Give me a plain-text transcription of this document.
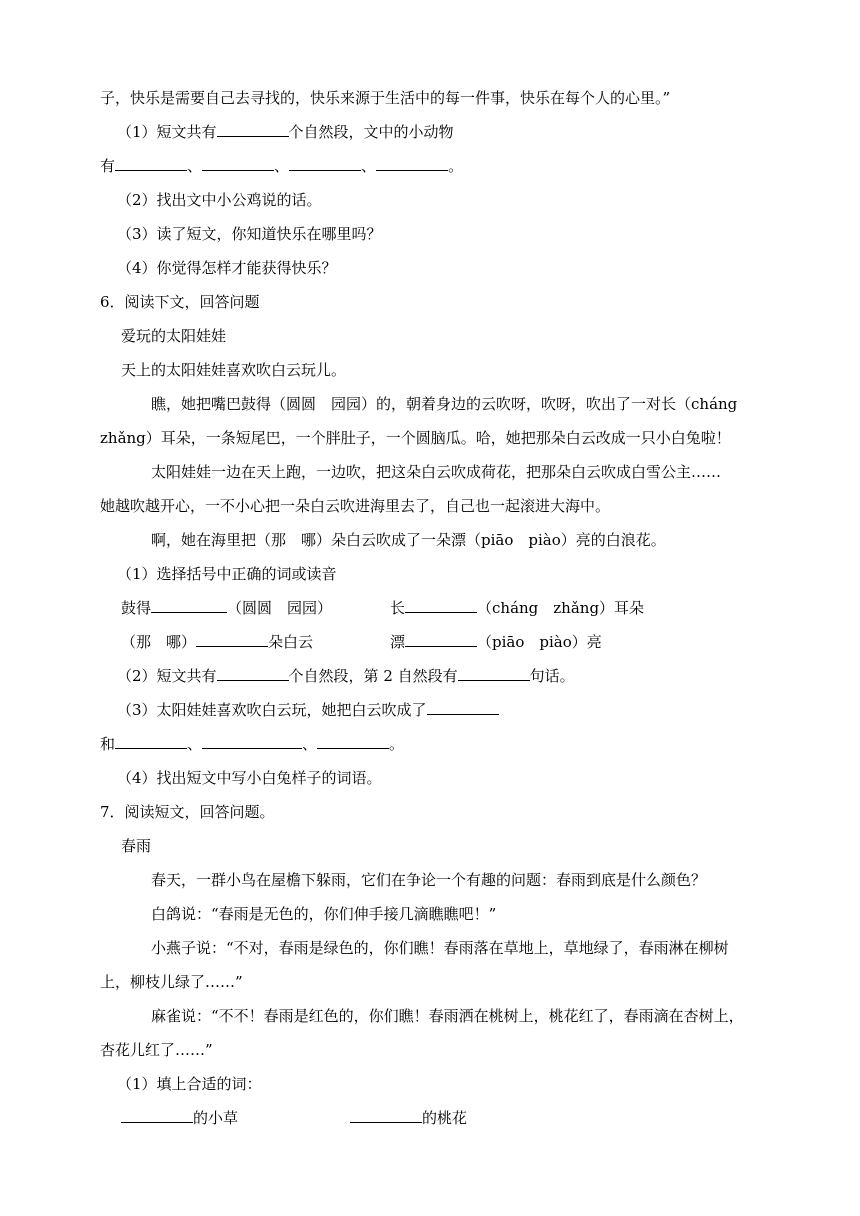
子，快乐是需要自己去寻找的，快乐来源于生活中的每一件事，快乐在每个人的心里。”
（1）短文共有	个自然段，文中的小动物
有	、	、	、	。
（2）找出文中小公鸡说的话。
（3）读了短文，你知道快乐在哪里吗？
（4）你觉得怎样才能获得快乐？
6．阅读下文，回答问题
爱玩的太阳娃娃
天上的太阳娃娃喜欢吹白云玩儿。
瞧，她把嘴巴鼓得（圆圆　园园）的，朝着身边的云吹呀，吹呀，吹出了一对长（cháng
zhǎng）耳朵，一条短尾巴，一个胖肚子，一个圆脑瓜。哈，她把那朵白云改成一只小白兔啦！
太阳娃娃一边在天上跑，一边吹，把这朵白云吹成荷花，把那朵白云吹成白雪公主……
她越吹越开心，一不小心把一朵白云吹进海里去了，自己也一起滚进大海中。
啊，她在海里把（那　哪）朵白云吹成了一朵漂（piāo　piào）亮的白浪花。
（1）选择括号中正确的词或读音
鼓得	（圆圆　园园）	长	（cháng　zhǎng）耳朵
（那　哪）	朵白云	漂	（piāo　piào）亮
（2）短文共有	个自然段，第 2 自然段有	句话。
（3）太阳娃娃喜欢吹白云玩，她把白云吹成了
和	、	、	。
（4）找出短文中写小白兔样子的词语。
7．阅读短文，回答问题。
春雨
春天，一群小鸟在屋檐下躲雨，它们在争论一个有趣的问题：春雨到底是什么颜色？
白鸽说：“春雨是无色的，你们伸手接几滴瞧瞧吧！”
小燕子说：“不对，春雨是绿色的，你们瞧！春雨落在草地上，草地绿了，春雨淋在柳树
上，柳枝儿绿了……”
麻雀说：“不不！春雨是红色的，你们瞧！春雨洒在桃树上，桃花红了，春雨滴在杏树上，
杏花儿红了……”
（1）填上合适的词：
的小草	的桃花
